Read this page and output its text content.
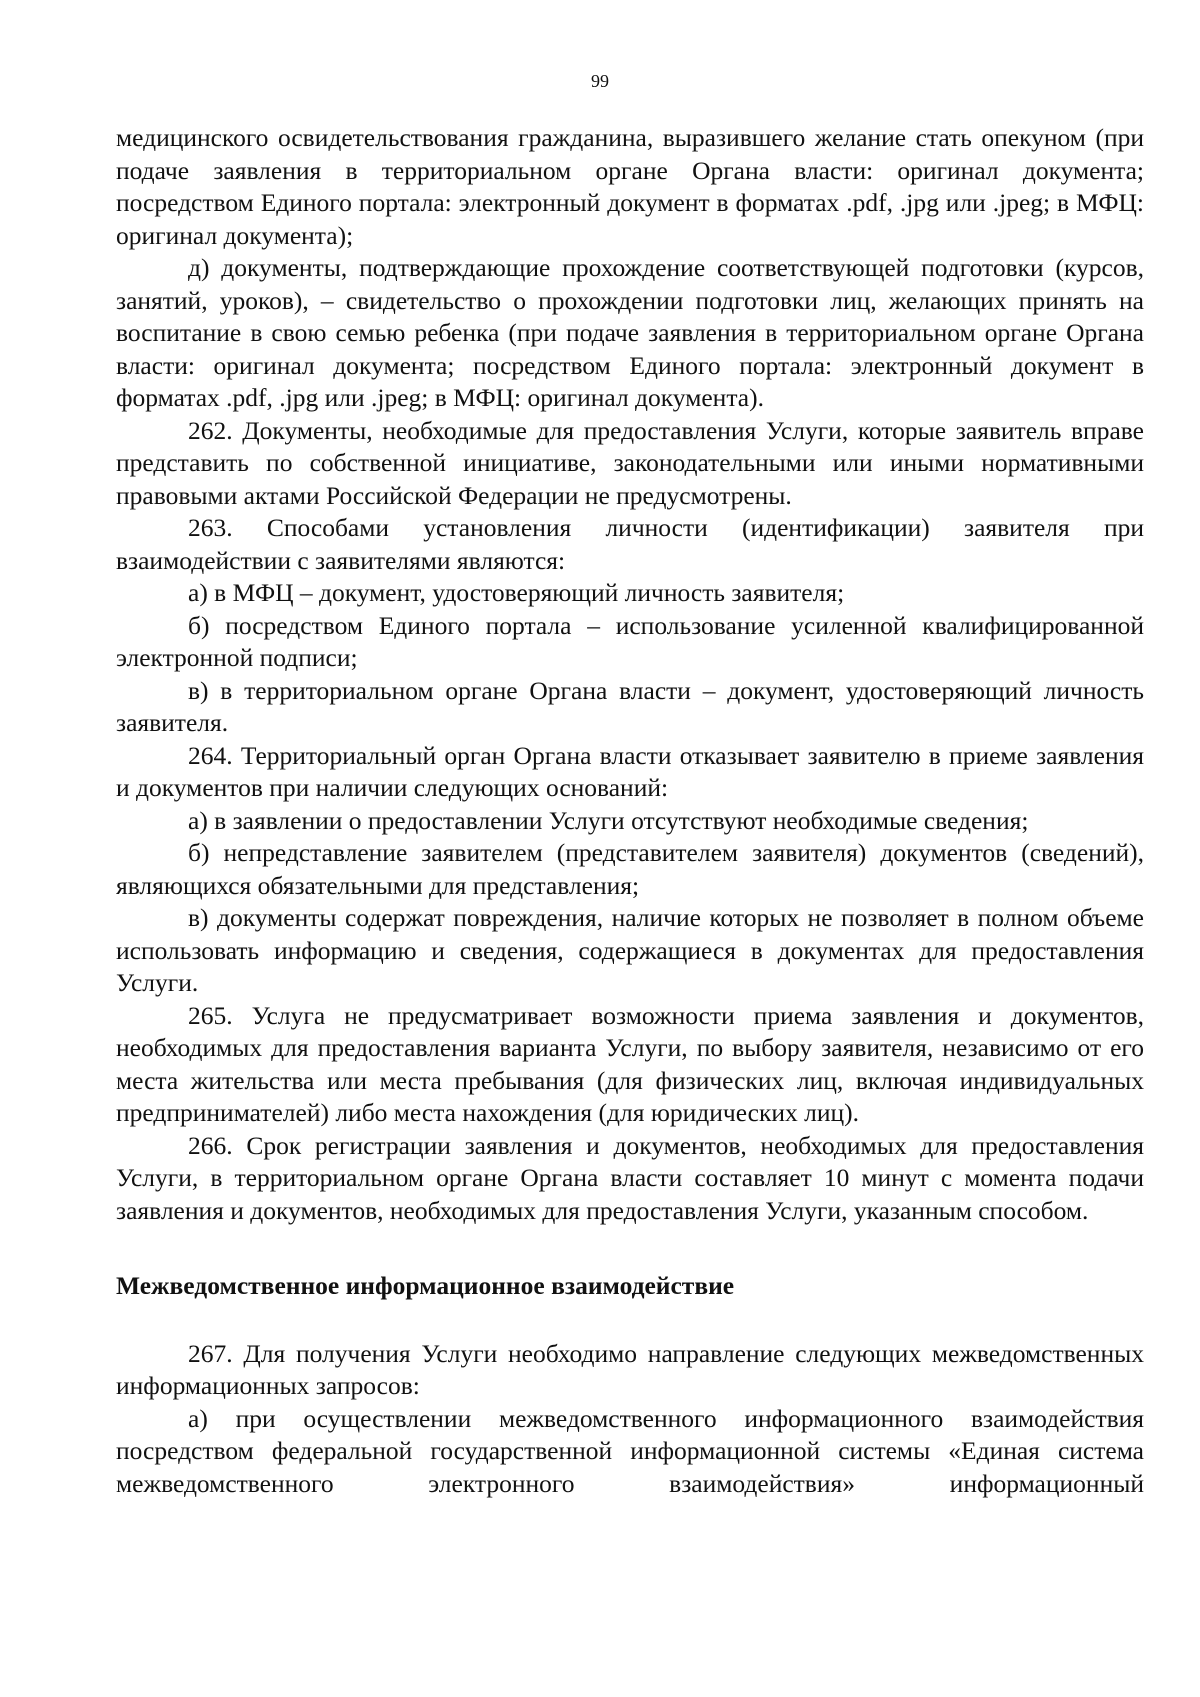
99

медицинского освидетельствования гражданина, выразившего желание стать опекуном (при подаче заявления в территориальном органе Органа власти: оригинал документа; посредством Единого портала: электронный документ в форматах .pdf, .jpg или .jpeg; в МФЦ: оригинал документа);

д) документы, подтверждающие прохождение соответствующей подготовки (курсов, занятий, уроков), – свидетельство о прохождении подготовки лиц, желающих принять на воспитание в свою семью ребенка (при подаче заявления в территориальном органе Органа власти: оригинал документа; посредством Единого портала: электронный документ в форматах .pdf, .jpg или .jpeg; в МФЦ: оригинал документа).

262. Документы, необходимые для предоставления Услуги, которые заявитель вправе представить по собственной инициативе, законодательными или иными нормативными правовыми актами Российской Федерации не предусмотрены.

263. Способами установления личности (идентификации) заявителя при взаимодействии с заявителями являются:

а) в МФЦ – документ, удостоверяющий личность заявителя;

б) посредством Единого портала – использование усиленной квалифицированной электронной подписи;

в) в территориальном органе Органа власти – документ, удостоверяющий личность заявителя.

264. Территориальный орган Органа власти отказывает заявителю в приеме заявления и документов при наличии следующих оснований:

а) в заявлении о предоставлении Услуги отсутствуют необходимые сведения;

б) непредставление заявителем (представителем заявителя) документов (сведений), являющихся обязательными для представления;

в) документы содержат повреждения, наличие которых не позволяет в полном объеме использовать информацию и сведения, содержащиеся в документах для предоставления Услуги.

265. Услуга не предусматривает возможности приема заявления и документов, необходимых для предоставления варианта Услуги, по выбору заявителя, независимо от его места жительства или места пребывания (для физических лиц, включая индивидуальных предпринимателей) либо места нахождения (для юридических лиц).

266. Срок регистрации заявления и документов, необходимых для предоставления Услуги, в территориальном органе Органа власти составляет 10 минут с момента подачи заявления и документов, необходимых для предоставления Услуги, указанным способом.

Межведомственное информационное взаимодействие

267. Для получения Услуги необходимо направление следующих межведомственных информационных запросов:

а) при осуществлении межведомственного информационного взаимодействия посредством федеральной государственной информационной системы «Единая система межведомственного электронного взаимодействия» информационный
